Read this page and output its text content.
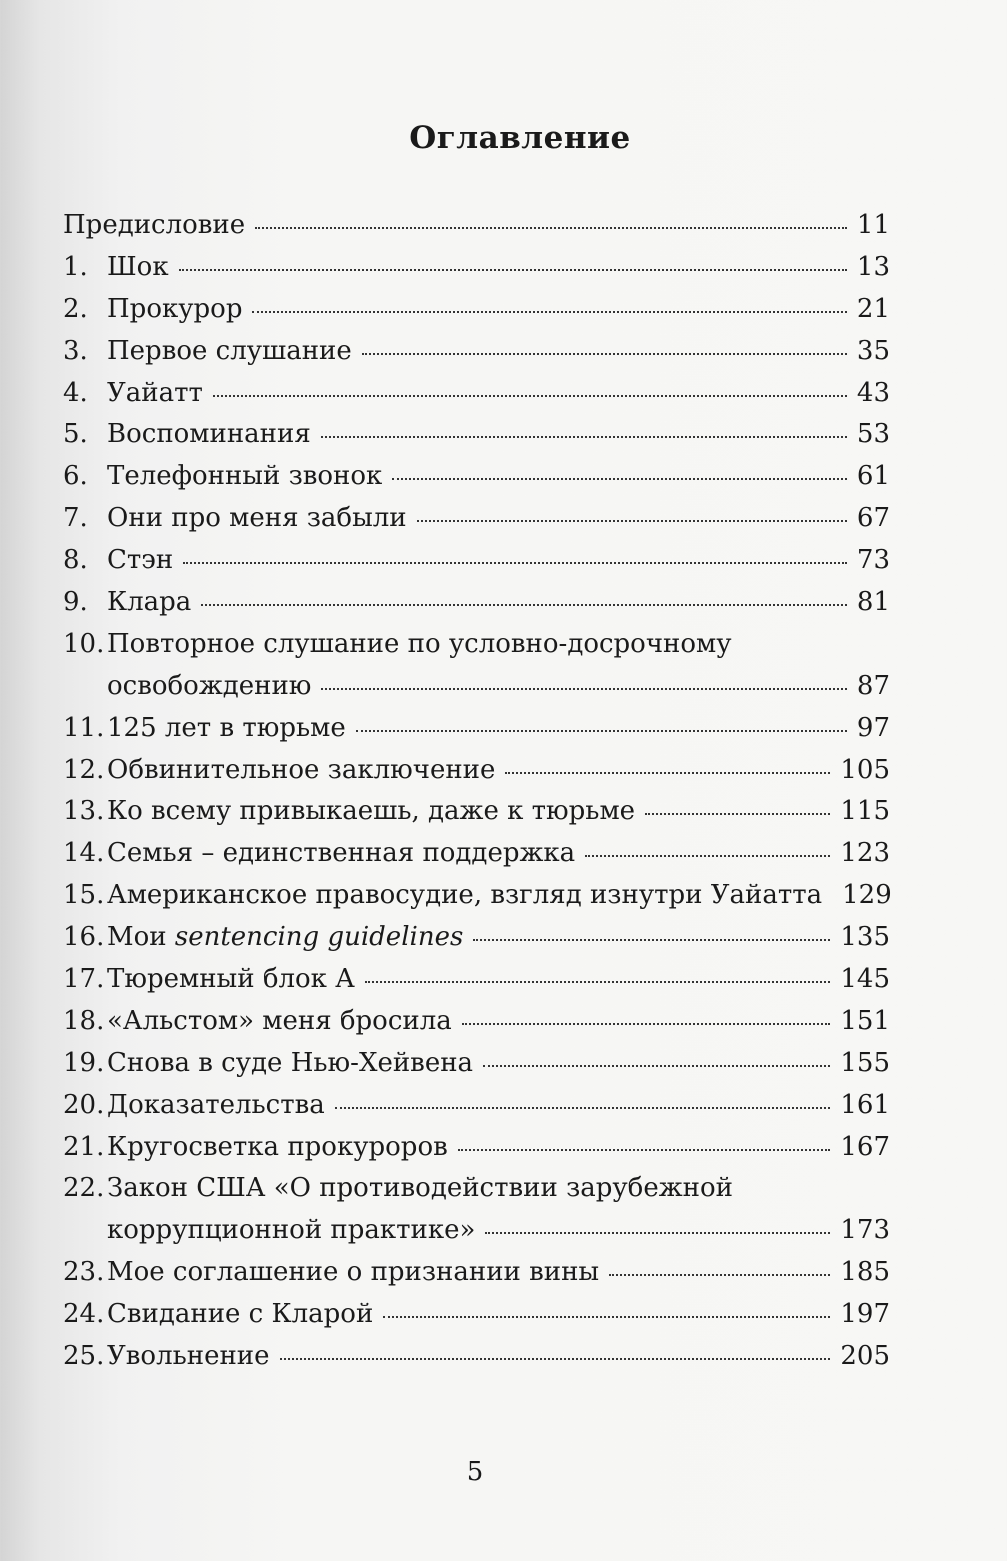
Оглавление
Предисловие	11
1. Шок	13
2. Прокурор	21
3. Первое слушание	35
4. Уайатт	43
5. Воспоминания	53
6. Телефонный звонок	61
7. Они про меня забыли	67
8. Стэн	73
9. Клара	81
10. Повторное слушание по условно-досрочному
освобождению	87
11. 125 лет в тюрьме	97
12. Обвинительное заключение	105
13. Ко всему привыкаешь, даже к тюрьме	115
14. Семья – единственная поддержка	123
15. Американское правосудие, взгляд изнутри Уайатта 129
16. Мои sentencing guidelines	135
17. Тюремный блок А	145
18. «Альстом» меня бросила	151
19. Снова в суде Нью-Хейвена	155
20. Доказательства	161
21. Кругосветка прокуроров	167
22. Закон США «О противодействии зарубежной
коррупционной практике»	173
23. Мое соглашение о признании вины	185
24. Свидание с Кларой	197
25. Увольнение	205
5
